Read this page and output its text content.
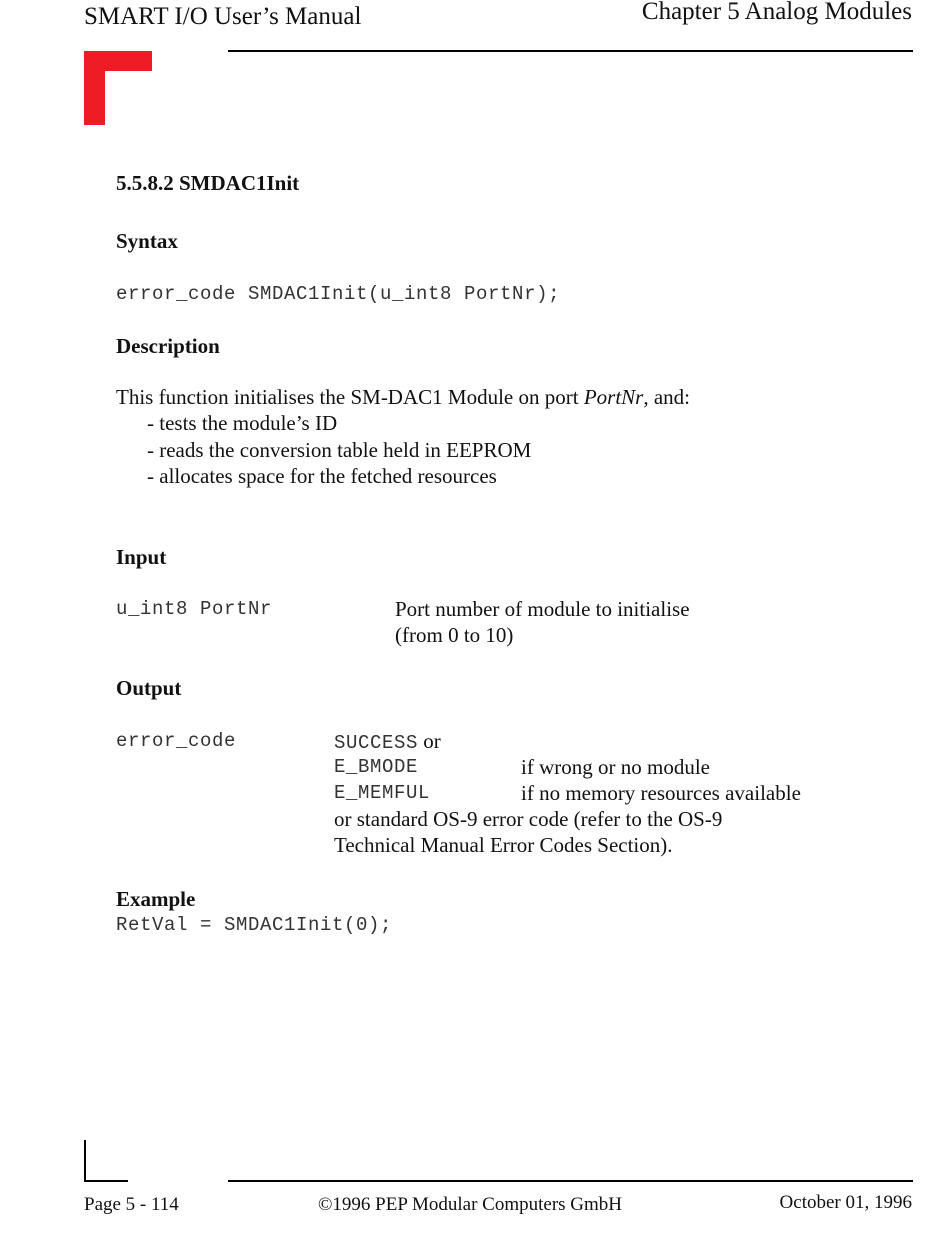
SMART I/O User’s Manual	Chapter 5 Analog Modules
5.5.8.2 SMDAC1Init
Syntax
error_code SMDAC1Init(u_int8 PortNr);
Description
This function initialises the SM-DAC1 Module on port PortNr, and:
- tests the module’s ID
- reads the conversion table held in EEPROM
- allocates space for the fetched resources
Input
u_int8 PortNr	Port number of module to initialise
(from 0 to 10)
Output
error_code	SUCCESS or
E_BMODE	if wrong or no module
E_MEMFUL	if no memory resources available
or standard OS-9 error code (refer to the OS-9
Technical Manual Error Codes Section).
Example
RetVal = SMDAC1Init(0);
Page 5 - 114	©1996 PEP Modular Computers GmbH	October 01, 1996
